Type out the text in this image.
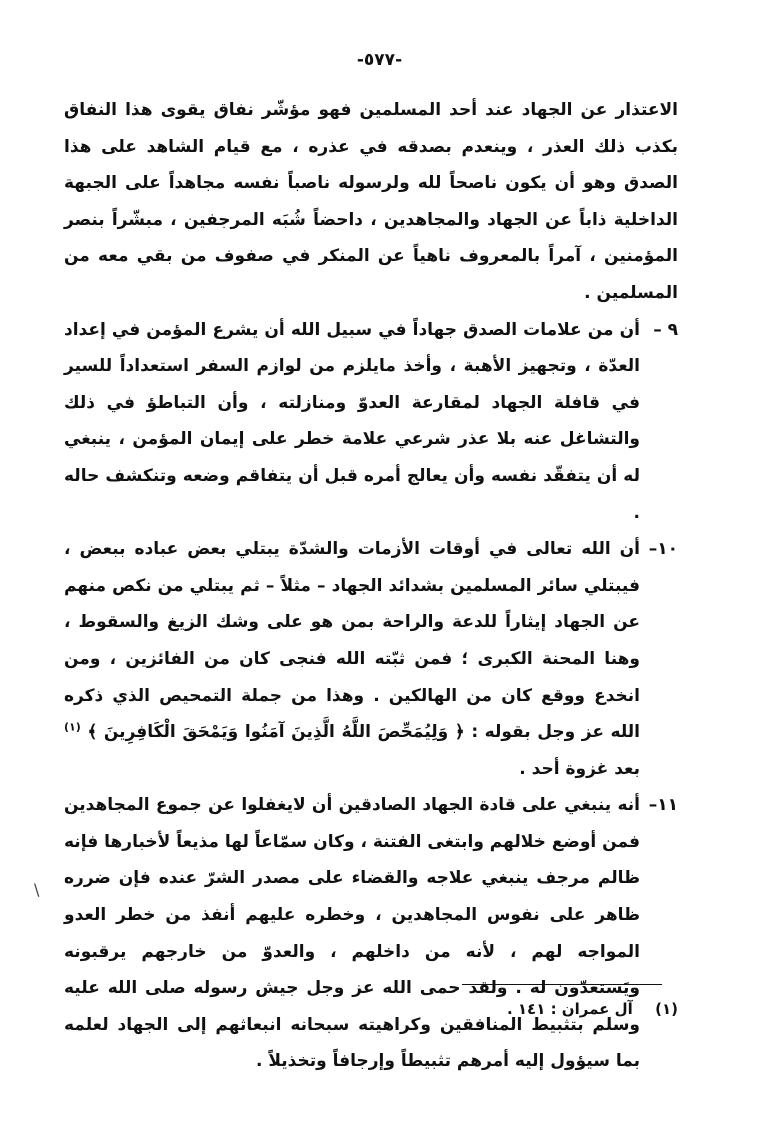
-٥٧٧-

الاعتذار عن الجهاد عند أحد المسلمين فهو مؤشّر نفاق يقوى هذا النفاق بكذب ذلك العذر ، وينعدم بصدقه في عذره ، مع قيام الشاهد على هذا الصدق وهو أن يكون ناصحاً لله ولرسوله ناصباً نفسه مجاهداً على الجبهة الداخلية ذاباً عن الجهاد والمجاهدين ، داحضاً شُبَه المرجفين ، مبشّراً بنصر المؤمنين ، آمراً بالمعروف ناهياً عن المنكر في صفوف من بقي معه من المسلمين .

٩ –

أن من علامات الصدق جهاداً في سبيل الله أن يشرع المؤمن في إعداد العدّة ، وتجهيز الأهبة ، وأخذ مايلزم من لوازم السفر استعداداً للسير في قافلة الجهاد لمقارعة العدوّ ومنازلته ، وأن التباطؤ في ذلك والتشاغل عنه بلا عذر شرعي علامة خطر على إيمان المؤمن ، ينبغي له أن يتفقّد نفسه وأن يعالج أمره قبل أن يتفاقم وضعه وتنكشف حاله .

١٠–

أن الله تعالى في أوقات الأزمات والشدّة يبتلي بعض عباده ببعض ، فيبتلي سائر المسلمين بشدائد الجهاد – مثلاً – ثم يبتلي من نكص منهم عن الجهاد إيثاراً للدعة والراحة بمن هو على وشك الزيغ والسقوط ، وهنا المحنة الكبرى ؛ فمن ثبّته الله فنجى كان من الفائزين ، ومن انخدع ووقع كان من الهالكين . وهذا من جملة التمحيص الذي ذكره الله عز وجل بقوله : ﴿ وَلِيُمَحِّصَ اللَّهُ الَّذِينَ آمَنُوا وَيَمْحَقَ الْكَافِرِينَ ﴾ $^{(١)}$ بعد غزوة أحد .

١١–

أنه ينبغي على قادة الجهاد الصادقين أن لايغفلوا عن جموع المجاهدين فمن أوضع خلالهم وابتغى الفتنة ، وكان سمّاعاً لها مذيعاً لأخبارها فإنه ظالم مرجف ينبغي علاجه والقضاء على مصدر الشرّ عنده فإن ضرره ظاهر على نفوس المجاهدين ، وخطره عليهم أنفذ من خطر العدو المواجه لهم ، لأنه من داخلهم ، والعدوّ من خارجهم يرقبونه ويَستعدّون له . ولقد حمى الله عز وجل جيش رسوله صلى الله عليه وسلم بتثبيط المنافقين وكراهيته سبحانه انبعاثهم إلى الجهاد لعلمه بما سيؤول إليه أمرهم تثبيطاً وإرجافاً وتخذيلاً .

\
(١) آل عمران : ١٤١ .
